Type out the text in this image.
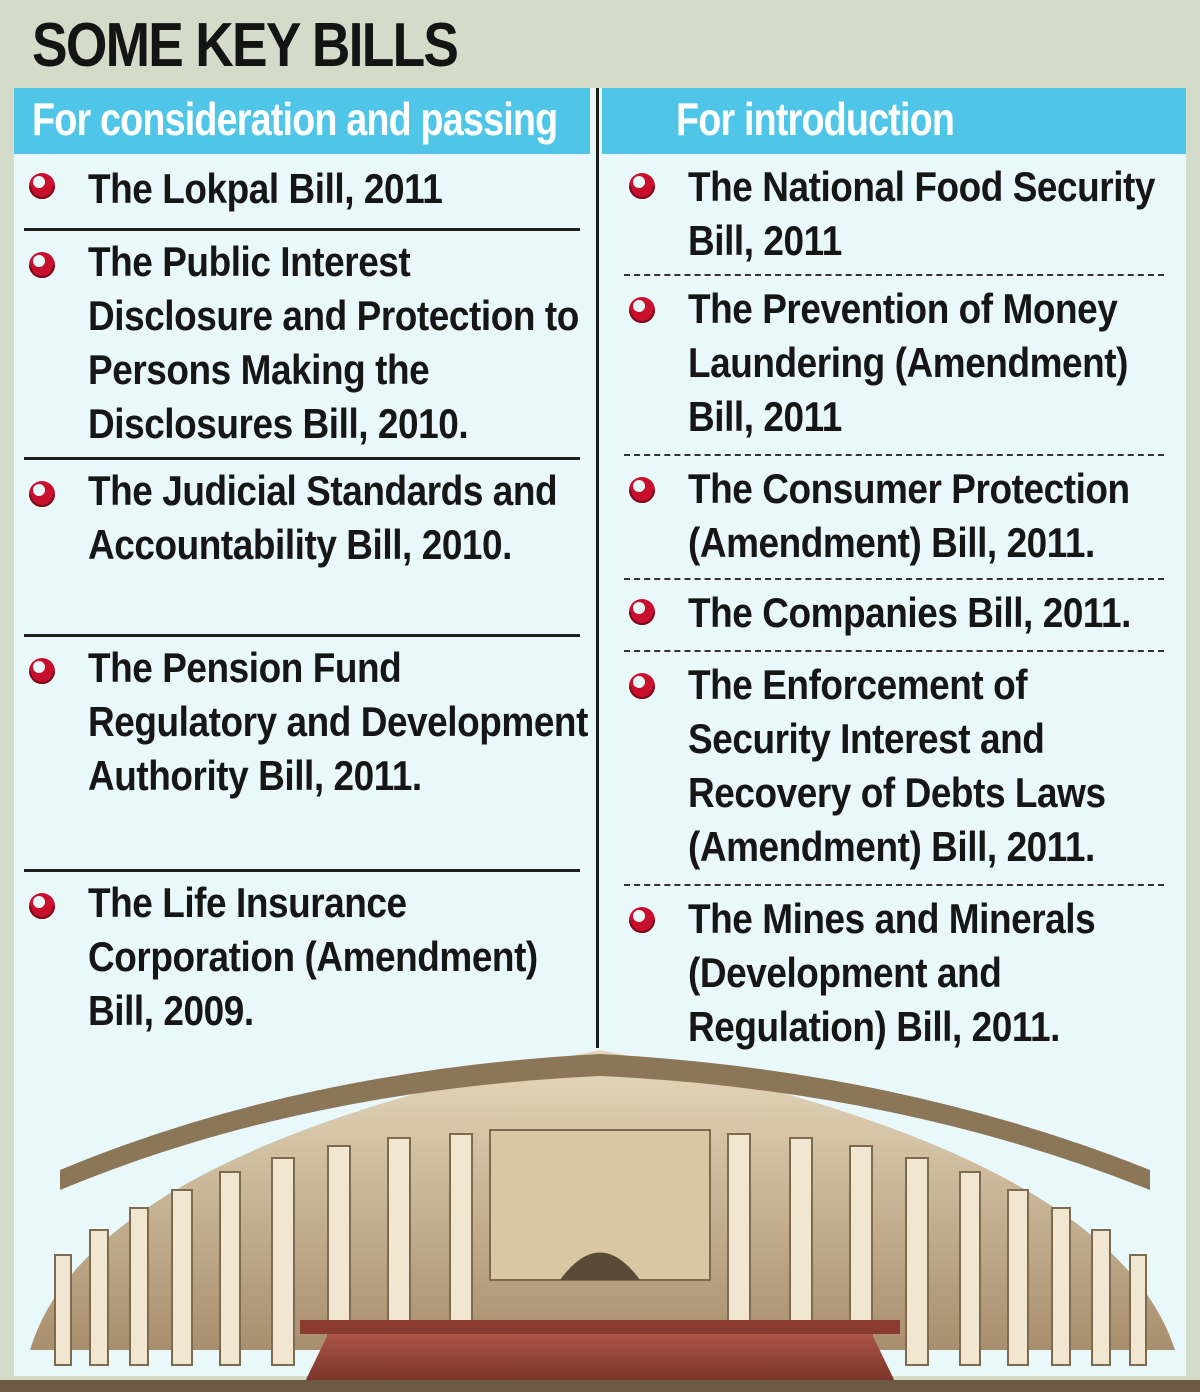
SOME KEY BILLS
For consideration and passing	For introduction
The Lokpal Bill, 2011
The Public Interest Disclosure and Protection to Persons Making the Disclosures Bill, 2010.
The Judicial Standards and Accountability Bill, 2010.
The Pension Fund Regulatory and Development Authority Bill, 2011.
The Life Insurance Corporation (Amendment) Bill, 2009.
The National Food Security Bill, 2011
The Prevention of Money Laundering (Amendment) Bill, 2011
The Consumer Protection (Amendment) Bill, 2011.
The Companies Bill, 2011.
The Enforcement of Security Interest and Recovery of Debts Laws (Amendment) Bill, 2011.
The Mines and Minerals (Development and Regulation) Bill, 2011.
